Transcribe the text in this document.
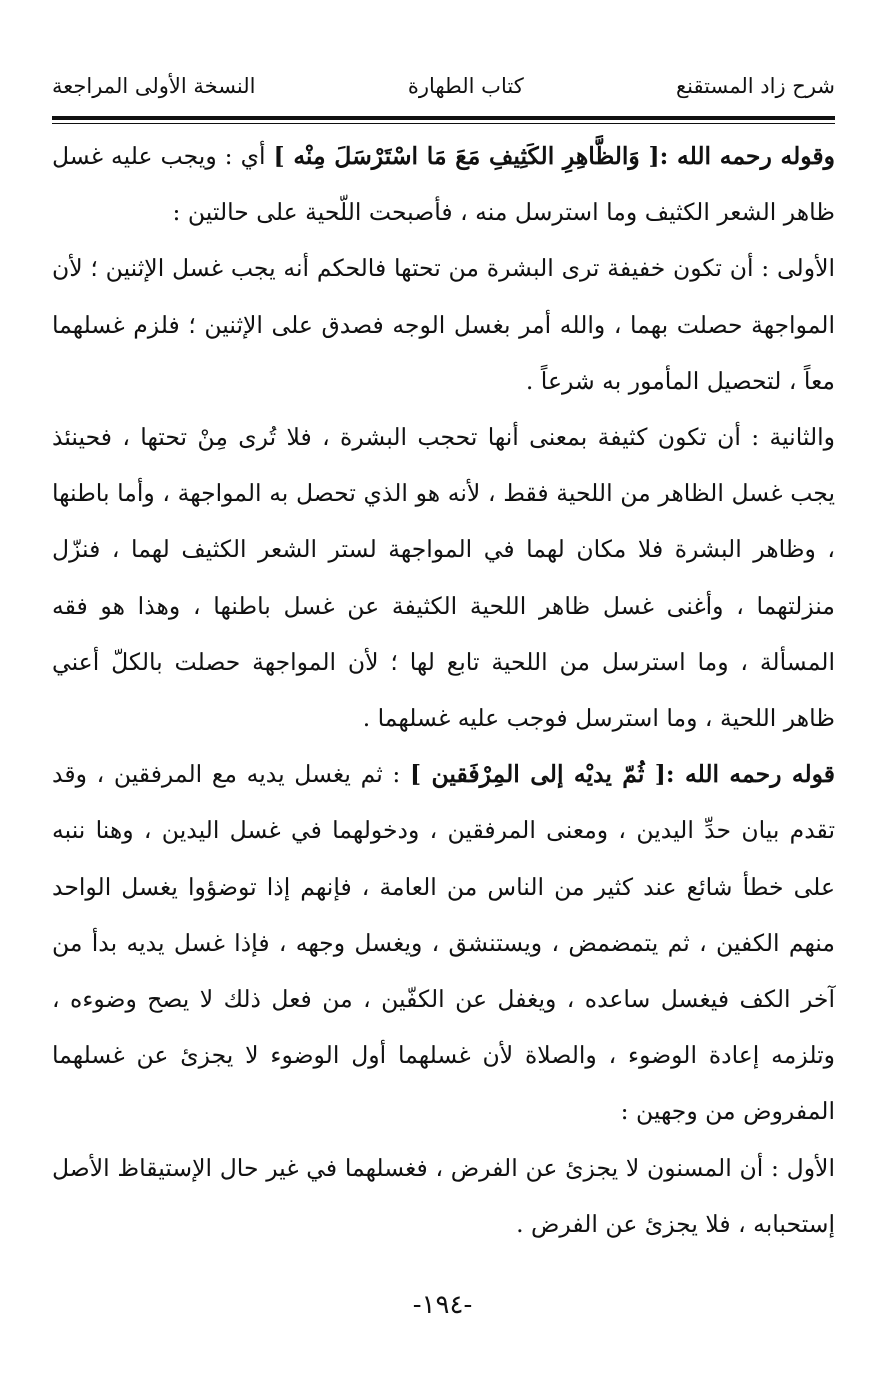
شرح زاد المستقنع
كتاب الطهارة
النسخة الأولى المراجعة

وقوله رحمه الله :[ وَالظَّاهِرِ الكَثِيفِ مَعَ مَا اسْتَرْسَلَ مِنْه ] أي : ويجب عليه غسل ظاهر الشعر الكثيف وما استرسل منه ، فأصبحت اللّحية على حالتين :

الأولى : أن تكون خفيفة ترى البشرة من تحتها فالحكم أنه يجب غسل الإثنين ؛ لأن المواجهة حصلت بهما ، والله أمر بغسل الوجه فصدق على الإثنين ؛ فلزم غسلهما معاً ، لتحصيل المأمور به شرعاً .

والثانية : أن تكون كثيفة بمعنى أنها تحجب البشرة ، فلا تُرى مِنْ تحتها ، فحينئذ يجب غسل الظاهر من اللحية فقط ، لأنه هو الذي تحصل به المواجهة ، وأما باطنها ، وظاهر البشرة فلا مكان لهما في المواجهة لستر الشعر الكثيف لهما ، فنزّل منزلتهما ، وأغنى غسل ظاهر اللحية الكثيفة عن غسل باطنها ، وهذا هو فقه المسألة ، وما استرسل من اللحية تابع لها ؛ لأن المواجهة حصلت بالكلّ أعني ظاهر اللحية ، وما استرسل فوجب عليه غسلهما .

قوله رحمه الله :[ ثُمّ يديْه إلى المِرْفَقين ] : ثم يغسل يديه مع المرفقين ، وقد تقدم بيان حدِّ اليدين ، ومعنى المرفقين ، ودخولهما في غسل اليدين ، وهنا ننبه على خطأ شائع عند كثير من الناس من العامة ، فإنهم إذا توضؤوا يغسل الواحد منهم الكفين ، ثم يتمضمض ، ويستنشق ، ويغسل وجهه ، فإذا غسل يديه بدأ من آخر الكف فيغسل ساعده ، ويغفل عن الكفّين ، من فعل ذلك لا يصح وضوءه ، وتلزمه إعادة الوضوء ، والصلاة لأن غسلهما أول الوضوء لا يجزئ عن غسلهما المفروض من وجهين :

الأول : أن المسنون لا يجزئ عن الفرض ، فغسلهما في غير حال الإستيقاظ الأصل إستحبابه ، فلا يجزئ عن الفرض .

-١٩٤-
